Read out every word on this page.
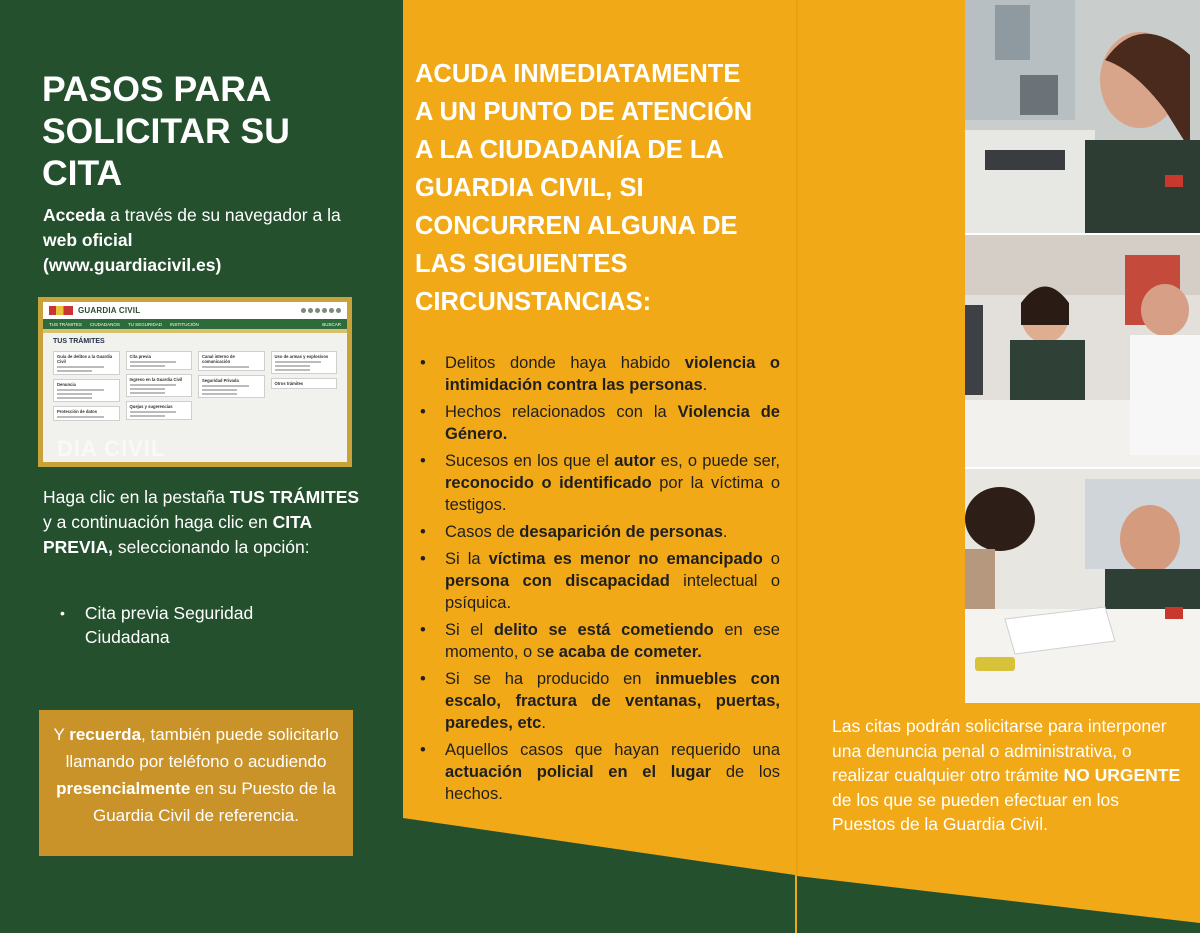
PASOS PARA
SOLICITAR SU
CITA

Acceda a través de su navegador a la web oficial
(www.guardiacivil.es)

GUARDIA CIVIL
TUS TRÁMITES CIUDADANOS TU SEGURIDAD INSTITUCIÓN	BUSCAR
TUS TRÁMITES
Guía de delitos a la Guardia Civil
Denuncia
Protección de datos
Cita previa
Ingreso en la Guardia Civil
Quejas y sugerencias
Canal interno de comunicación
Seguridad Privada
Uso de armas y explosivos
Otros trámites
DIA CIVIL

Haga clic en la pestaña TUS TRÁMITES y a continuación haga clic en CITA PREVIA, seleccionando la opción:

• Cita previa Seguridad Ciudadana
Y recuerda, también puede solicitarlo llamando por teléfono o acudiendo presencialmente en su Puesto de la Guardia Civil de referencia.
ACUDA INMEDIATAMENTE
A UN PUNTO DE ATENCIÓN
A LA CIUDADANÍA DE LA
GUARDIA CIVIL, SI
CONCURREN ALGUNA DE
LAS SIGUIENTES
CIRCUNSTANCIAS:
• Delitos donde haya habido violencia o intimidación contra las personas.
• Hechos relacionados con la Violencia de Género.
• Sucesos en los que el autor es, o puede ser, reconocido o identificado por la víctima o testigos.
• Casos de desaparición de personas.
• Si la víctima es menor no emancipado o persona con discapacidad intelectual o psíquica.
• Si el delito se está cometiendo en ese momento, o se acaba de cometer.
• Si se ha producido en inmuebles con escalo, fractura de ventanas, puertas, paredes, etc.
• Aquellos casos que hayan requerido una actuación policial en el lugar de los hechos.

Las citas podrán solicitarse para interponer una denuncia penal o administrativa, o realizar cualquier otro trámite NO URGENTE de los que se pueden efectuar en los Puestos de la Guardia Civil.
